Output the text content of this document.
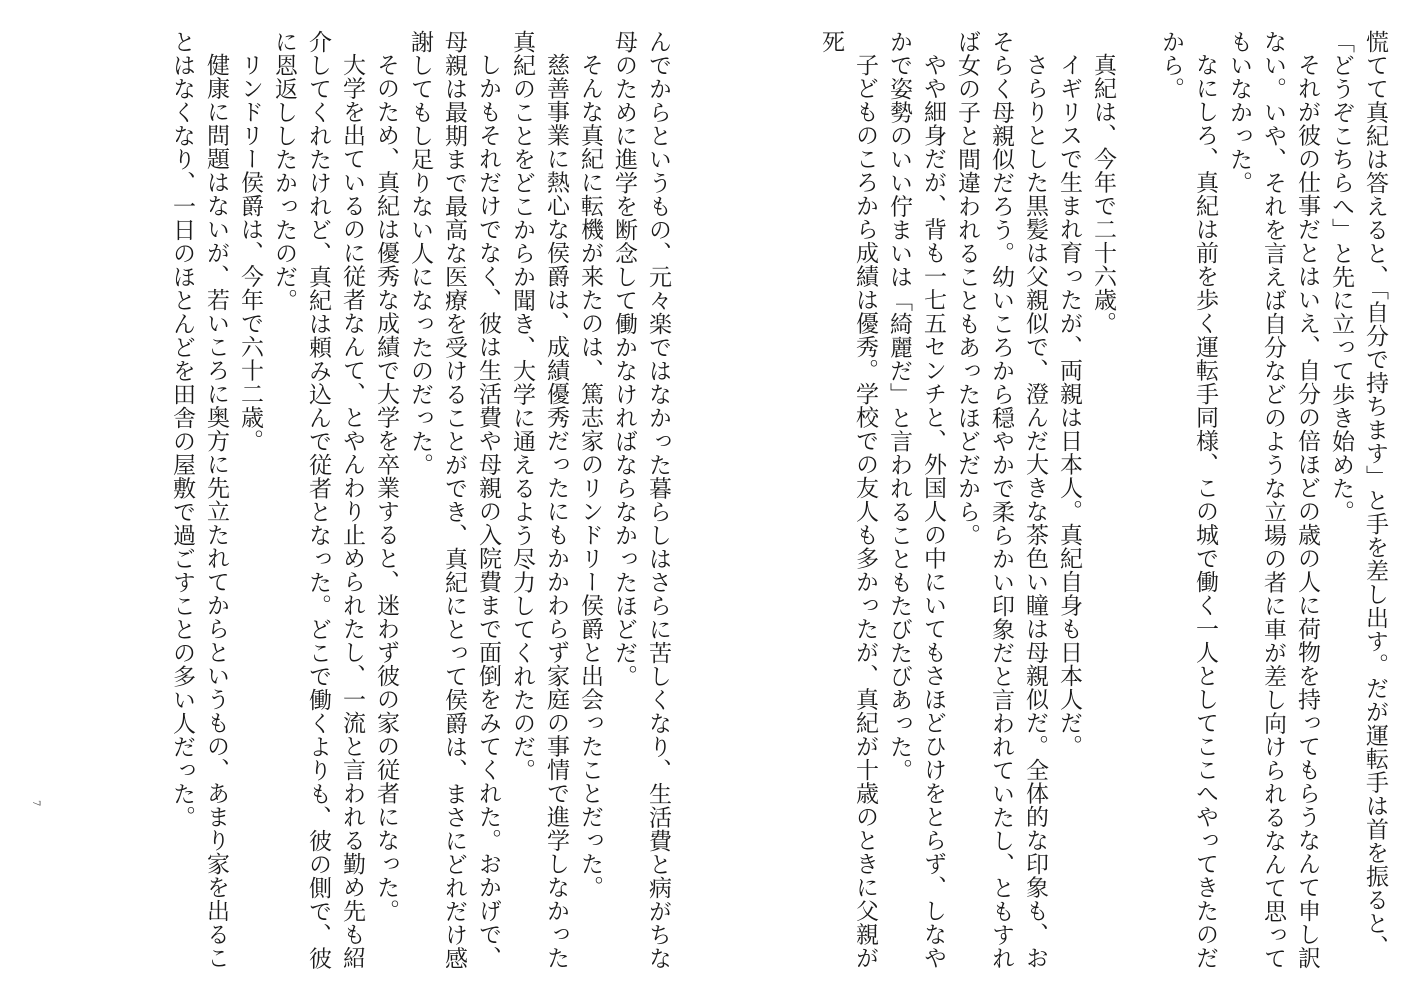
慌てて真紀は答えると、「自分で持ちます」と手を差し出す。だが運転手は首を振ると、「どうぞこちらへ」と先に立って歩き始めた。

それが彼の仕事だとはいえ、自分の倍ほどの歳の人に荷物を持ってもらうなんて申し訳ない。いや、それを言えば自分などのような立場の者に車が差し向けられるなんて思ってもいなかった。

なにしろ、真紀は前を歩く運転手同様、この城で働く一人としてここへやってきたのだから。

真紀は、今年で二十六歳。

イギリスで生まれ育ったが、両親は日本人。真紀自身も日本人だ。

さらりとした黒髪は父親似で、澄んだ大きな茶色い瞳は母親似だ。全体的な印象も、おそらく母親似だろう。幼いころから穏やかで柔らかい印象だと言われていたし、ともすれば女の子と間違われることもあったほどだから。

やや細身だが、背も一七五センチと、外国人の中にいてもさほどひけをとらず、しなやかで姿勢のいい佇まいは「綺麗だ」と言われることもたびたびあった。

子どものころから成績は優秀。学校での友人も多かったが、真紀が十歳のときに父親が死

んでからというもの、元々楽ではなかった暮らしはさらに苦しくなり、生活費と病がちな母のために進学を断念して働かなければならなかったほどだ。

そんな真紀に転機が来たのは、篤志家のリンドリー侯爵と出会ったことだった。

慈善事業に熱心な侯爵は、成績優秀だったにもかかわらず家庭の事情で進学しなかった真紀のことをどこからか聞き、大学に通えるよう尽力してくれたのだ。

しかもそれだけでなく、彼は生活費や母親の入院費まで面倒をみてくれた。おかげで、母親は最期まで最高な医療を受けることができ、真紀にとって侯爵は、まさにどれだけ感謝してもし足りない人になったのだった。

そのため、真紀は優秀な成績で大学を卒業すると、迷わず彼の家の従者になった。

大学を出ているのに従者なんて、とやんわり止められたし、一流と言われる勤め先も紹介してくれたけれど、真紀は頼み込んで従者となった。どこで働くよりも、彼の側で、彼に恩返ししたかったのだ。

リンドリー侯爵は、今年で六十二歳。

健康に問題はないが、若いころに奥方に先立たれてからというもの、あまり家を出ることはなくなり、一日のほとんどを田舎の屋敷で過ごすことの多い人だった。

7
